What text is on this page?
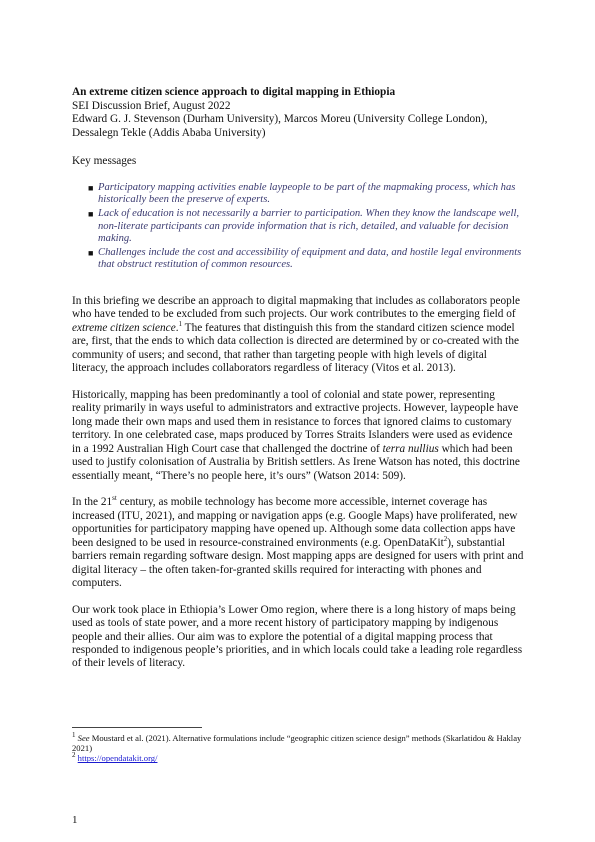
An extreme citizen science approach to digital mapping in Ethiopia
SEI Discussion Brief, August 2022
Edward G. J. Stevenson (Durham University), Marcos Moreu (University College London),
Dessalegn Tekle (Addis Ababa University)
Key messages
■ Participatory mapping activities enable laypeople to be part of the mapmaking process, which has historically been the preserve of experts.
■ Lack of education is not necessarily a barrier to participation. When they know the landscape well, non-literate participants can provide information that is rich, detailed, and valuable for decision making.
■ Challenges include the cost and accessibility of equipment and data, and hostile legal environments that obstruct restitution of common resources.

In this briefing we describe an approach to digital mapmaking that includes as collaborators people who have tended to be excluded from such projects. Our work contributes to the emerging field of extreme citizen science.$^1$ The features that distinguish this from the standard citizen science model are, first, that the ends to which data collection is directed are determined by or co-created with the community of users; and second, that rather than targeting people with high levels of digital literacy, the approach includes collaborators regardless of literacy (Vitos et al. 2013).

Historically, mapping has been predominantly a tool of colonial and state power, representing reality primarily in ways useful to administrators and extractive projects. However, laypeople have long made their own maps and used them in resistance to forces that ignored claims to customary territory. In one celebrated case, maps produced by Torres Straits Islanders were used as evidence in a 1992 Australian High Court case that challenged the doctrine of terra nullius which had been used to justify colonisation of Australia by British settlers. As Irene Watson has noted, this doctrine essentially meant, “There’s no people here, it’s ours” (Watson 2014: 509).

In the 21st century, as mobile technology has become more accessible, internet coverage has increased (ITU, 2021), and mapping or navigation apps (e.g. Google Maps) have proliferated, new opportunities for participatory mapping have opened up. Although some data collection apps have been designed to be used in resource-constrained environments (e.g. OpenDataKit$^2$), substantial barriers remain regarding software design. Most mapping apps are designed for users with print and digital literacy – the often taken-for-granted skills required for interacting with phones and computers.

Our work took place in Ethiopia’s Lower Omo region, where there is a long history of maps being used as tools of state power, and a more recent history of participatory mapping by indigenous people and their allies. Our aim was to explore the potential of a digital mapping process that responded to indigenous people’s priorities, and in which locals could take a leading role regardless of their levels of literacy.

$^1$ See Moustard et al. (2021). Alternative formulations include “geographic citizen science design” methods (Skarlatidou & Haklay 2021)
$^2$ https://opendatakit.org/
1
